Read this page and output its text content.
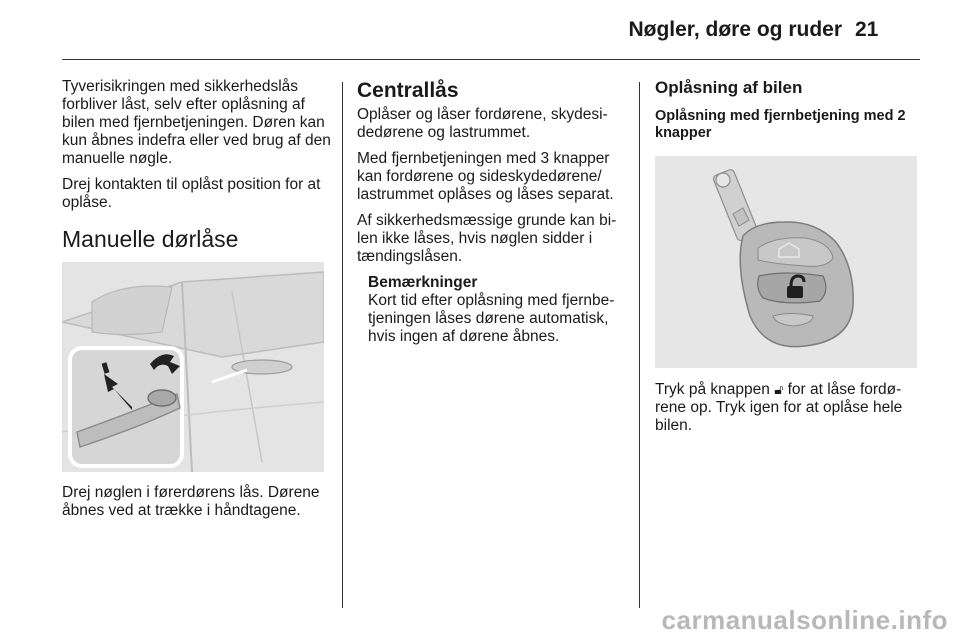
Nøgler, døre og ruder 21

Tyverisikringen med sikkerhedslås forbliver låst, selv efter oplåsning af bilen med fjernbetjeningen. Døren kan kun åbnes indefra eller ved brug af den manuelle nøgle.

Drej kontakten til oplåst position for at oplåse.

Manuelle dørlåse

Drej nøglen i førerdørens lås. Dørene åbnes ved at trække i håndtagene.

Centrallås

Oplåser og låser fordørene, skydesi-dedørene og lastrummet.

Med fjernbetjeningen med 3 knapper kan fordørene og sideskydedørene/ lastrummet oplåses og låses separat.

Af sikkerhedsmæssige grunde kan bi-len ikke låses, hvis nøglen sidder i tændingslåsen.

Bemærkninger
Kort tid efter oplåsning med fjernbe-tjeningen låses dørene automatisk, hvis ingen af dørene åbnes.
Oplåsning af bilen
Oplåsning med fjernbetjening med 2 knapper

Tryk på knappen 🔓︎ for at låse fordø-rene op. Tryk igen for at oplåse hele bilen.

carmanualsonline.info
